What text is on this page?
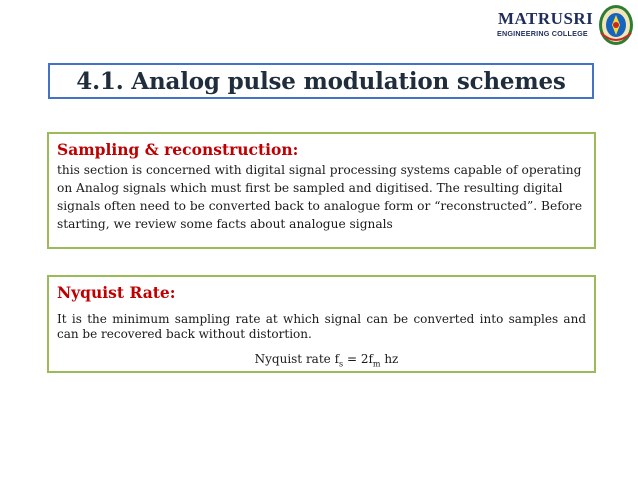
MATRUSRI
ENGINEERING COLLEGE
4.1. Analog pulse modulation schemes
Sampling & reconstruction:

this section is concerned with digital signal processing systems capable of operating on Analog signals which must first be sampled and digitised. The resulting digital signals often need to be converted back to analogue form or “reconstructed”. Before starting, we review some facts about analogue signals

Nyquist Rate:

It is the minimum sampling rate at which signal can be converted into samples and can be recovered back without distortion.

Nyquist rate $f_s = 2f_m$ hz
